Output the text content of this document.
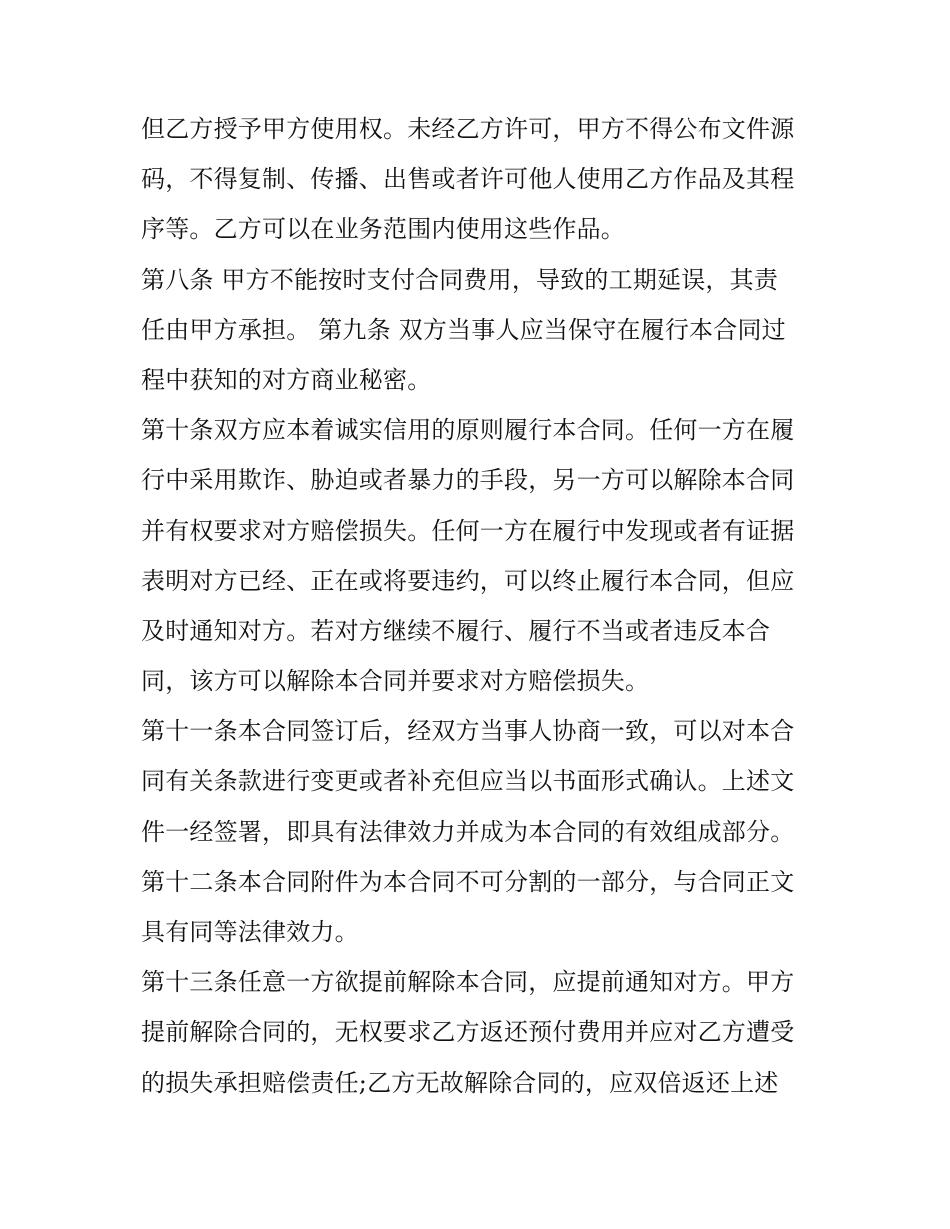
但乙方授予甲方使用权。未经乙方许可，甲方不得公布文件源
码，不得复制、传播、出售或者许可他人使用乙方作品及其程
序等。乙方可以在业务范围内使用这些作品。
第八条 甲方不能按时支付合同费用，导致的工期延误，其责
任由甲方承担。 第九条 双方当事人应当保守在履行本合同过
程中获知的对方商业秘密。
第十条双方应本着诚实信用的原则履行本合同。任何一方在履
行中采用欺诈、胁迫或者暴力的手段，另一方可以解除本合同
并有权要求对方赔偿损失。任何一方在履行中发现或者有证据
表明对方已经、正在或将要违约，可以终止履行本合同，但应
及时通知对方。若对方继续不履行、履行不当或者违反本合
同，该方可以解除本合同并要求对方赔偿损失。
第十一条本合同签订后，经双方当事人协商一致，可以对本合
同有关条款进行变更或者补充但应当以书面形式确认。上述文
件一经签署，即具有法律效力并成为本合同的有效组成部分。
第十二条本合同附件为本合同不可分割的一部分，与合同正文
具有同等法律效力。
第十三条任意一方欲提前解除本合同，应提前通知对方。甲方
提前解除合同的，无权要求乙方返还预付费用并应对乙方遭受
的损失承担赔偿责任;乙方无故解除合同的，应双倍返还上述
